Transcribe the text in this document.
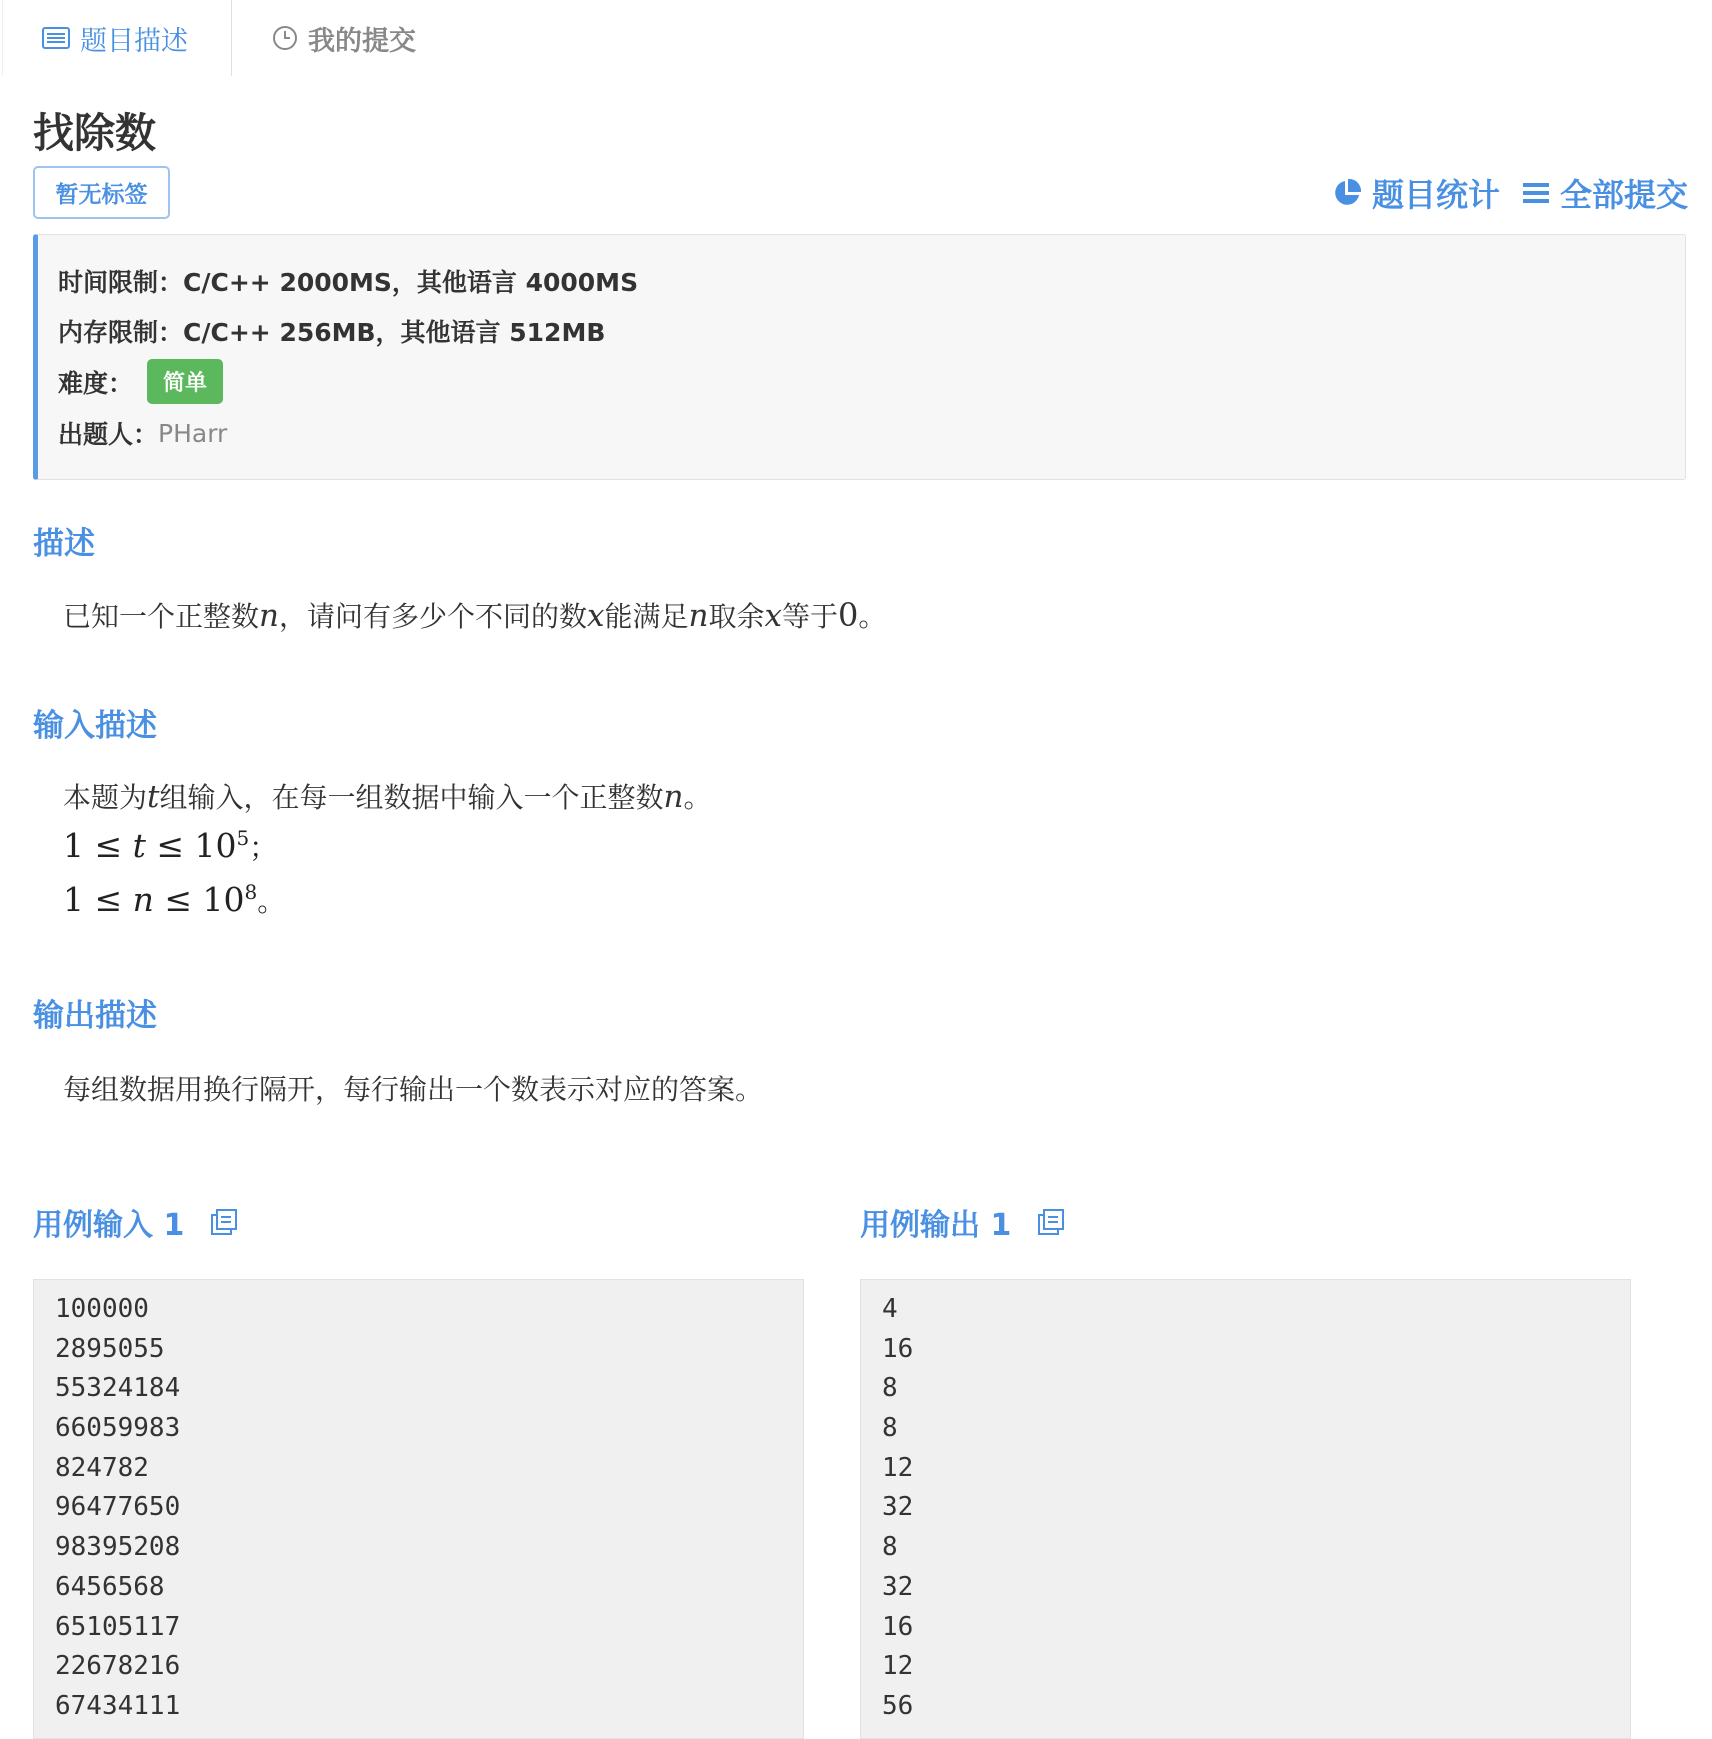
题目描述	我的提交
找除数
暂无标签	题目统计 全部提交
时间限制： C/C++ 2000MS，其他语言 4000MS
内存限制： C/C++ 256MB，其他语言 512MB
难度：	简单
出题人： PHarr
描述
已知一个正整数n，请问有多少个不同的数x能满足n取余x等于0。
输入描述
本题为t组输入，在每一组数据中输入一个正整数n。
$1 \le t \le 10^5$；
$1 \le n \le 10^8$。
输出描述
每组数据用换行隔开，每行输出一个数表示对应的答案。
用例输入 1	用例输出 1
100000
2895055
55324184
66059983
824782
96477650
98395208
6456568
65105117
22678216
67434111
4
16
8
8
12
32
8
32
16
12
56
